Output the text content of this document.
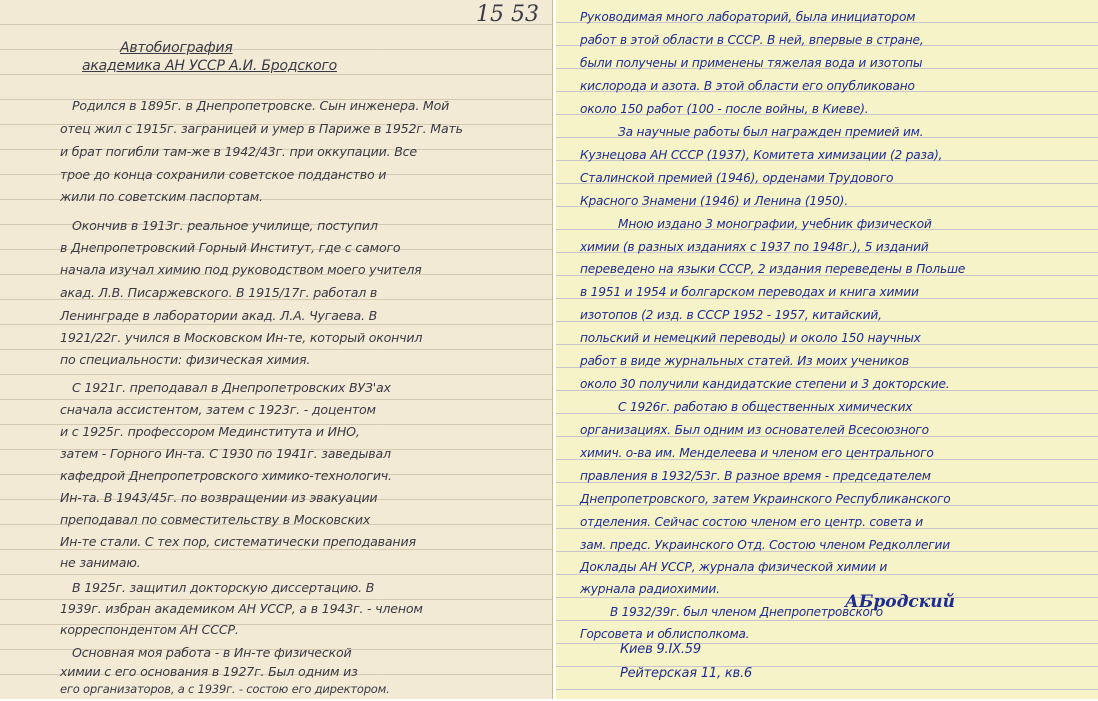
15 53
Автобиография
академика АН УССР А.И. Бродского
Родился в 1895г. в Днепропетровске. Сын инженера. Мой
отец жил с 1915г. заграницей и умер в Париже в 1952г. Мать
и брат погибли там-же в 1942/43г. при оккупации. Все
трое до конца сохранили советское подданство и
жили по советским паспортам.
Окончив в 1913г. реальное училище, поступил
в Днепропетровский Горный Институт, где с самого
начала изучал химию под руководством моего учителя
акад. Л.В. Писаржевского. В 1915/17г. работал в
Ленинграде в лаборатории акад. Л.А. Чугаева. В
1921/22г. учился в Московском Ин-те, который окончил
по специальности: физическая химия.
С 1921г. преподавал в Днепропетровских ВУЗ'ах
сначала ассистентом, затем с 1923г. - доцентом
и с 1925г. профессором Мединститута и ИНО,
затем - Горного Ин-та. С 1930 по 1941г. заведывал
кафедрой Днепропетровского химико-технологич.
Ин-та. В 1943/45г. по возвращении из эвакуации
преподавал по совместительству в Московских
Ин-те стали. С тех пор, систематически преподавания
не занимаю.
В 1925г. защитил докторскую диссертацию. В
1939г. избран академиком АН УССР, а в 1943г. - членом
корреспондентом АН СССР.
Основная моя работа - в Ин-те физической
химии с его основания в 1927г. Был одним из
его организаторов, а с 1939г. - состою его директором.
Руководимая много лабораторий, была инициатором
работ в этой области в СССР. В ней, впервые в стране,
были получены и применены тяжелая вода и изотопы
кислорода и азота. В этой области его опубликовано
около 150 работ (100 - после войны, в Киеве).
За научные работы был награжден премией им.
Кузнецова АН СССР (1937), Комитета химизации (2 раза),
Сталинской премией (1946), орденами Трудового
Красного Знамени (1946) и Ленина (1950).
Мною издано 3 монографии, учебник физической
химии (в разных изданиях с 1937 по 1948г.), 5 изданий
переведено на языки СССР, 2 издания переведены в Польше
в 1951 и 1954 и болгарском переводах и книга химии
изотопов (2 изд. в СССР 1952 - 1957, китайский,
польский и немецкий переводы) и около 150 научных
работ в виде журнальных статей. Из моих учеников
около 30 получили кандидатские степени и 3 докторские.
С 1926г. работаю в общественных химических
организациях. Был одним из основателей Всесоюзного
химич. о-ва им. Менделеева и членом его центрального
правления в 1932/53г. В разное время - председателем
Днепропетровского, затем Украинского Республиканского
отделения. Сейчас состою членом его центр. совета и
зам. предс. Украинского Отд. Состою членом Редколлегии
Доклады АН УССР, журнала физической химии и
журнала радиохимии.
В 1932/39г. был членом Днепропетровского
Горсовета и облисполкома.
АБродский
Киев 9.IX.59
Рейтерская 11, кв.6
